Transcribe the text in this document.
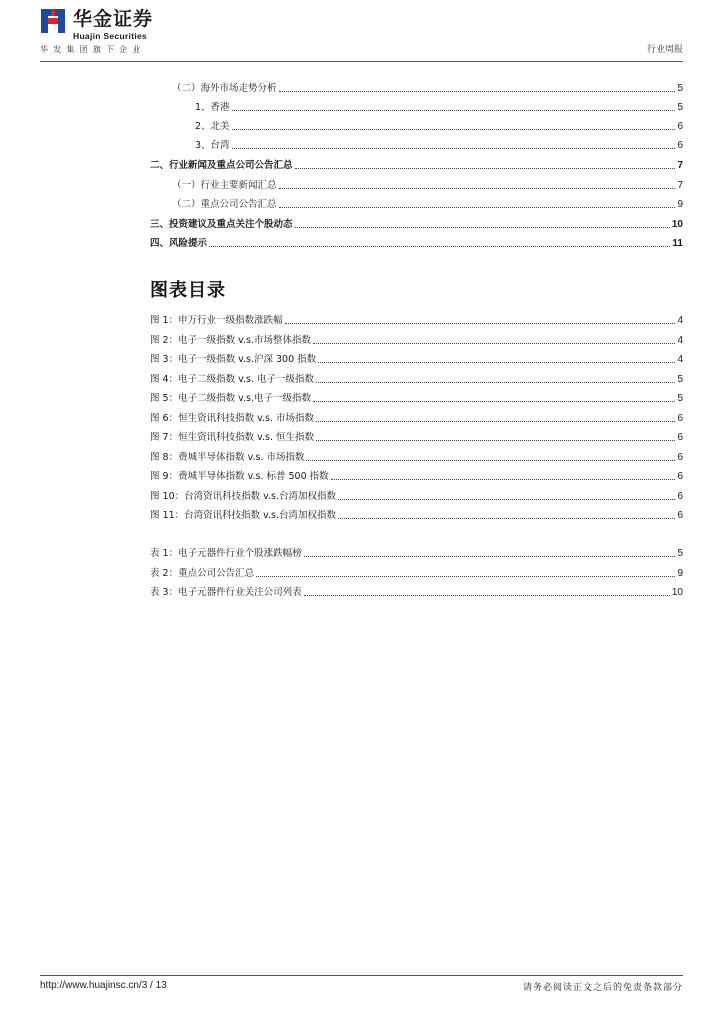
华金证券
Huajin Securities
华发集团旗下企业	行业周报
（二）海外市场走势分析	5
1、香港	5
2、北美	6
3、台湾	6
二、行业新闻及重点公司公告汇总	7
（一）行业主要新闻汇总	7
（二）重点公司公告汇总	9
三、投资建议及重点关注个股动态	10
四、风险提示	11
图表目录
图 1：申万行业一级指数涨跌幅	4
图 2：电子一级指数 v.s.市场整体指数	4
图 3：电子一级指数 v.s.沪深 300 指数	4
图 4：电子二级指数 v.s. 电子一级指数	5
图 5：电子二级指数 v.s.电子一级指数	5
图 6：恒生资讯科技指数 v.s. 市场指数	6
图 7：恒生资讯科技指数 v.s. 恒生指数	6
图 8：费城半导体指数 v.s. 市场指数	6
图 9：费城半导体指数 v.s. 标普 500 指数	6
图 10：台湾资讯科技指数 v.s.台湾加权指数	6
图 11：台湾资讯科技指数 v.s.台湾加权指数	6
表 1：电子元器件行业个股涨跌幅榜	5
表 2：重点公司公告汇总	9
表 3：电子元器件行业关注公司列表	10
http://www.huajinsc.cn/3 / 13	请务必阅读正文之后的免责条款部分
